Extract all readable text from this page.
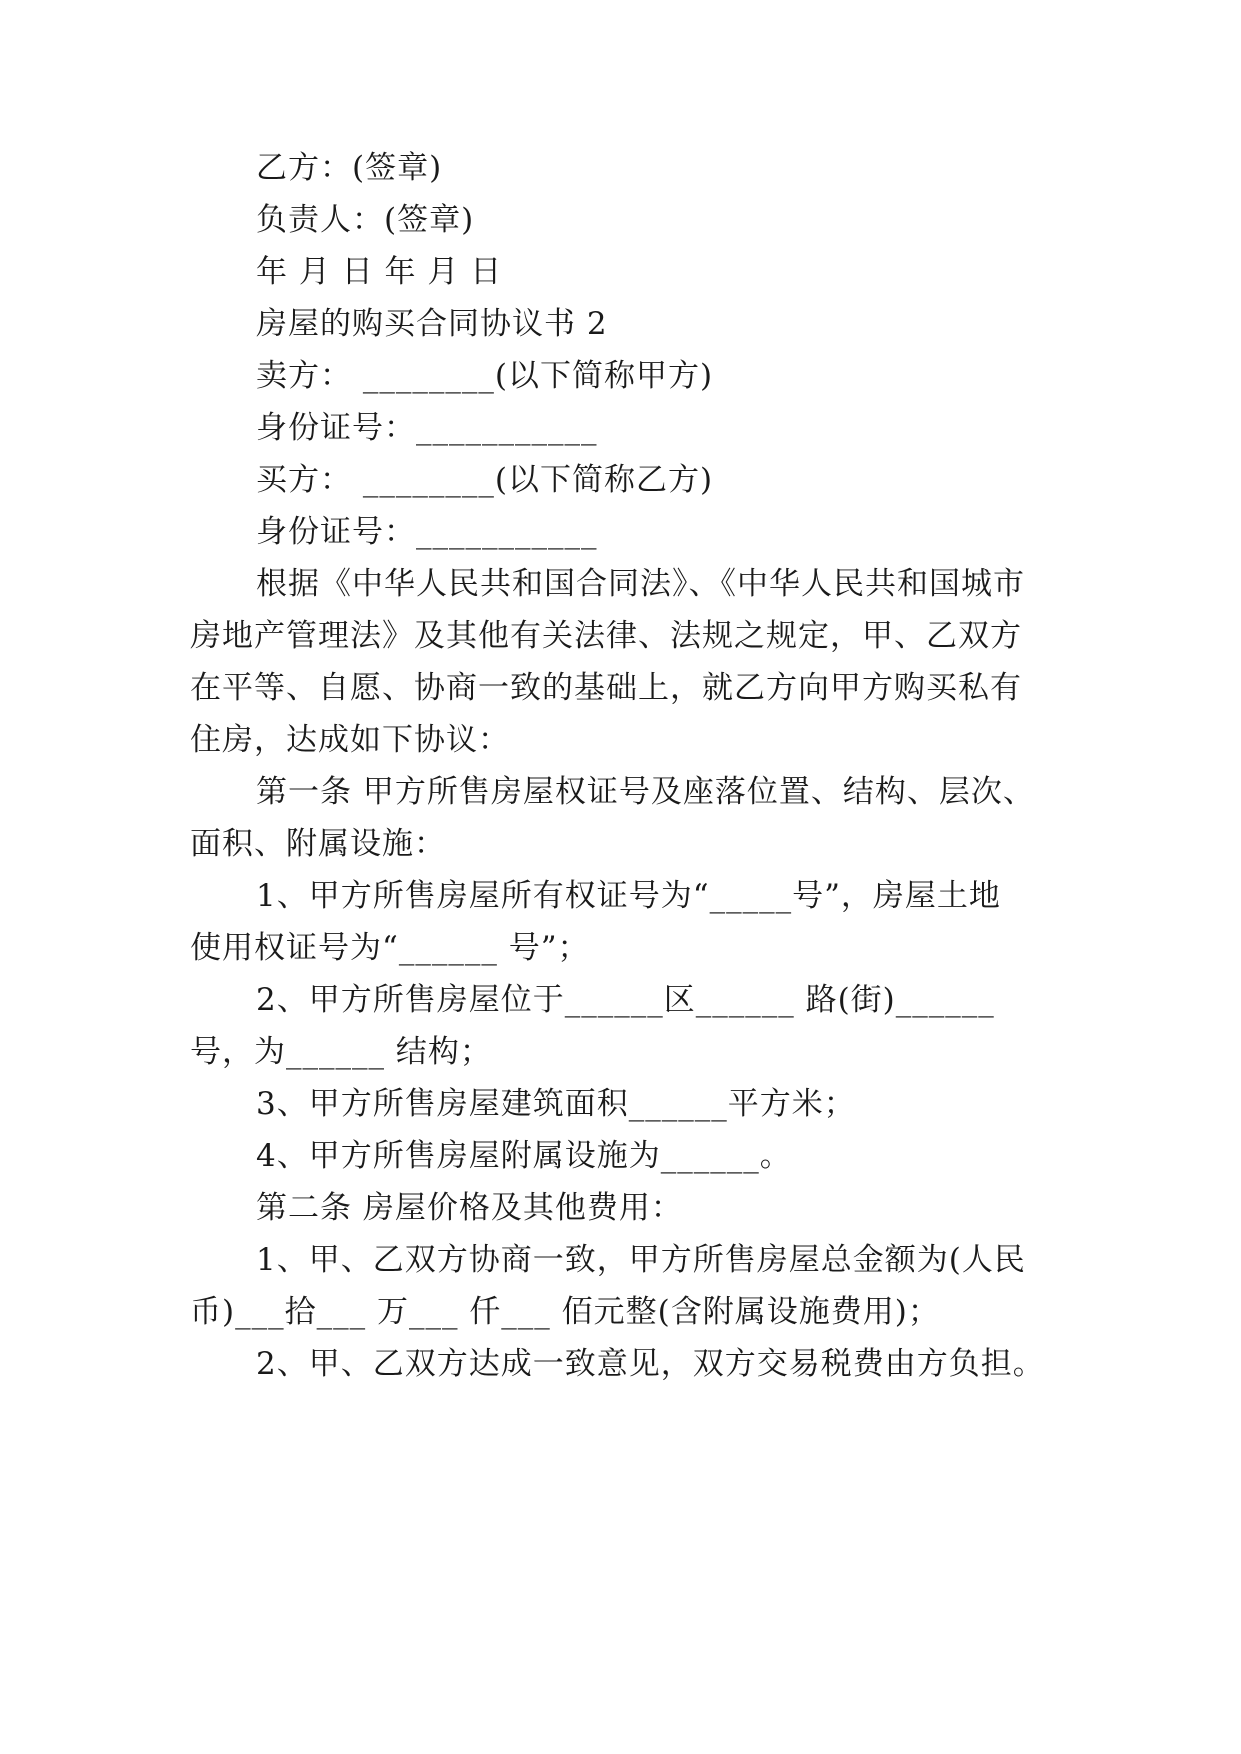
乙方：(签章)
负责人：(签章)
年 月 日 年 月 日
房屋的购买合同协议书 2
卖方： ________(以下简称甲方)
身份证号：___________
买方： ________(以下简称乙方)
身份证号：___________
根据《中华人民共和国合同法》、《中华人民共和国城市
房地产管理法》及其他有关法律、法规之规定，甲、乙双方
在平等、自愿、协商一致的基础上，就乙方向甲方购买私有
住房，达成如下协议：
第一条 甲方所售房屋权证号及座落位置、结构、层次、
面积、附属设施：
1、甲方所售房屋所有权证号为“_____号”，房屋土地
使用权证号为“______ 号”；
2、甲方所售房屋位于______区______ 路(街)______
号，为______ 结构；
3、甲方所售房屋建筑面积______平方米；
4、甲方所售房屋附属设施为______。
第二条 房屋价格及其他费用：
1、甲、乙双方协商一致，甲方所售房屋总金额为(人民
币)___拾___ 万___ 仟___ 佰元整(含附属设施费用)；
2、甲、乙双方达成一致意见，双方交易税费由方负担。
